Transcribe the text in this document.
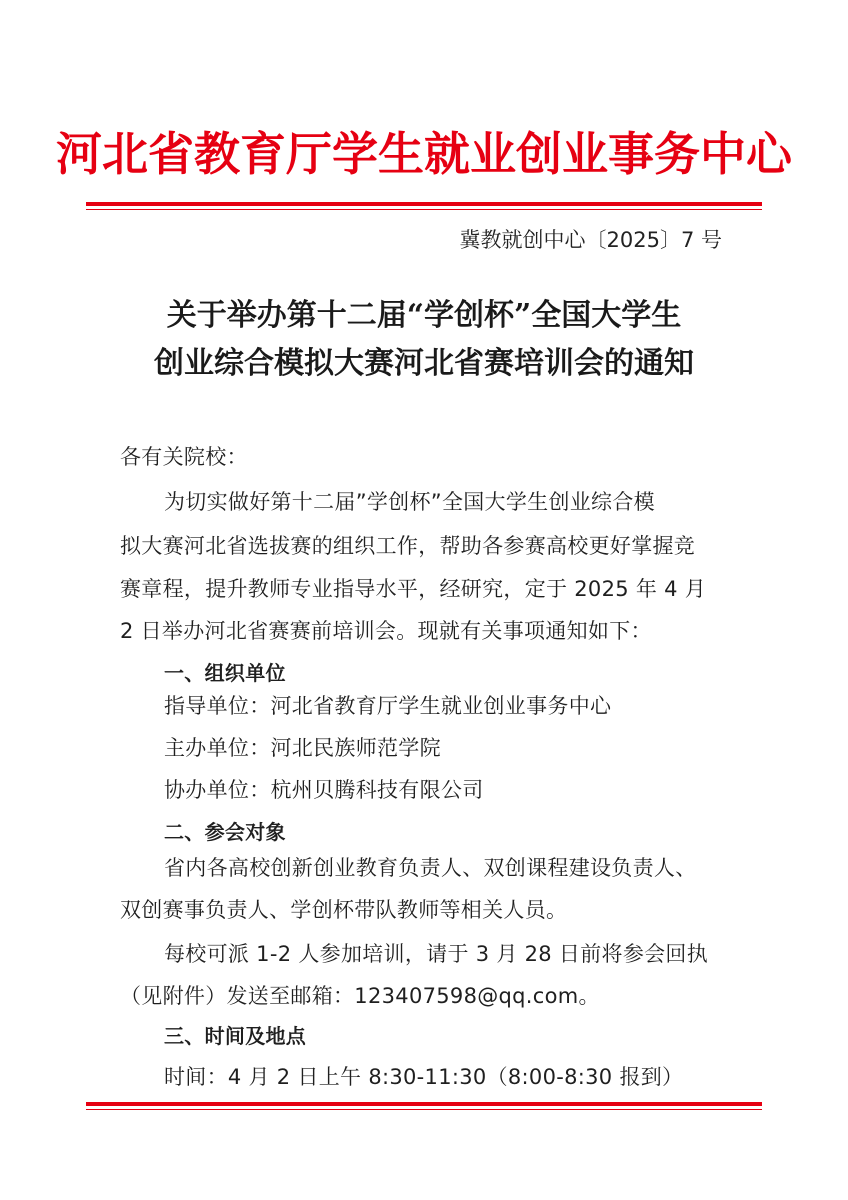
河北省教育厅学生就业创业事务中心
冀教就创中心〔2025〕7 号
关于举办第十二届“学创杯”全国大学生
创业综合模拟大赛河北省赛培训会的通知
各有关院校：
为切实做好第十二届”学创杯”全国大学生创业综合模
拟大赛河北省选拔赛的组织工作，帮助各参赛高校更好掌握竞
赛章程，提升教师专业指导水平，经研究，定于 2025 年 4 月
2 日举办河北省赛赛前培训会。现就有关事项通知如下：
一、组织单位
指导单位：河北省教育厅学生就业创业事务中心
主办单位：河北民族师范学院
协办单位：杭州贝腾科技有限公司
二、参会对象
省内各高校创新创业教育负责人、双创课程建设负责人、
双创赛事负责人、学创杯带队教师等相关人员。
每校可派 1-2 人参加培训，请于 3 月 28 日前将参会回执
（见附件）发送至邮箱：123407598@qq.com。
三、时间及地点
时间：4 月 2 日上午 8:30-11:30（8:00-8:30 报到）
